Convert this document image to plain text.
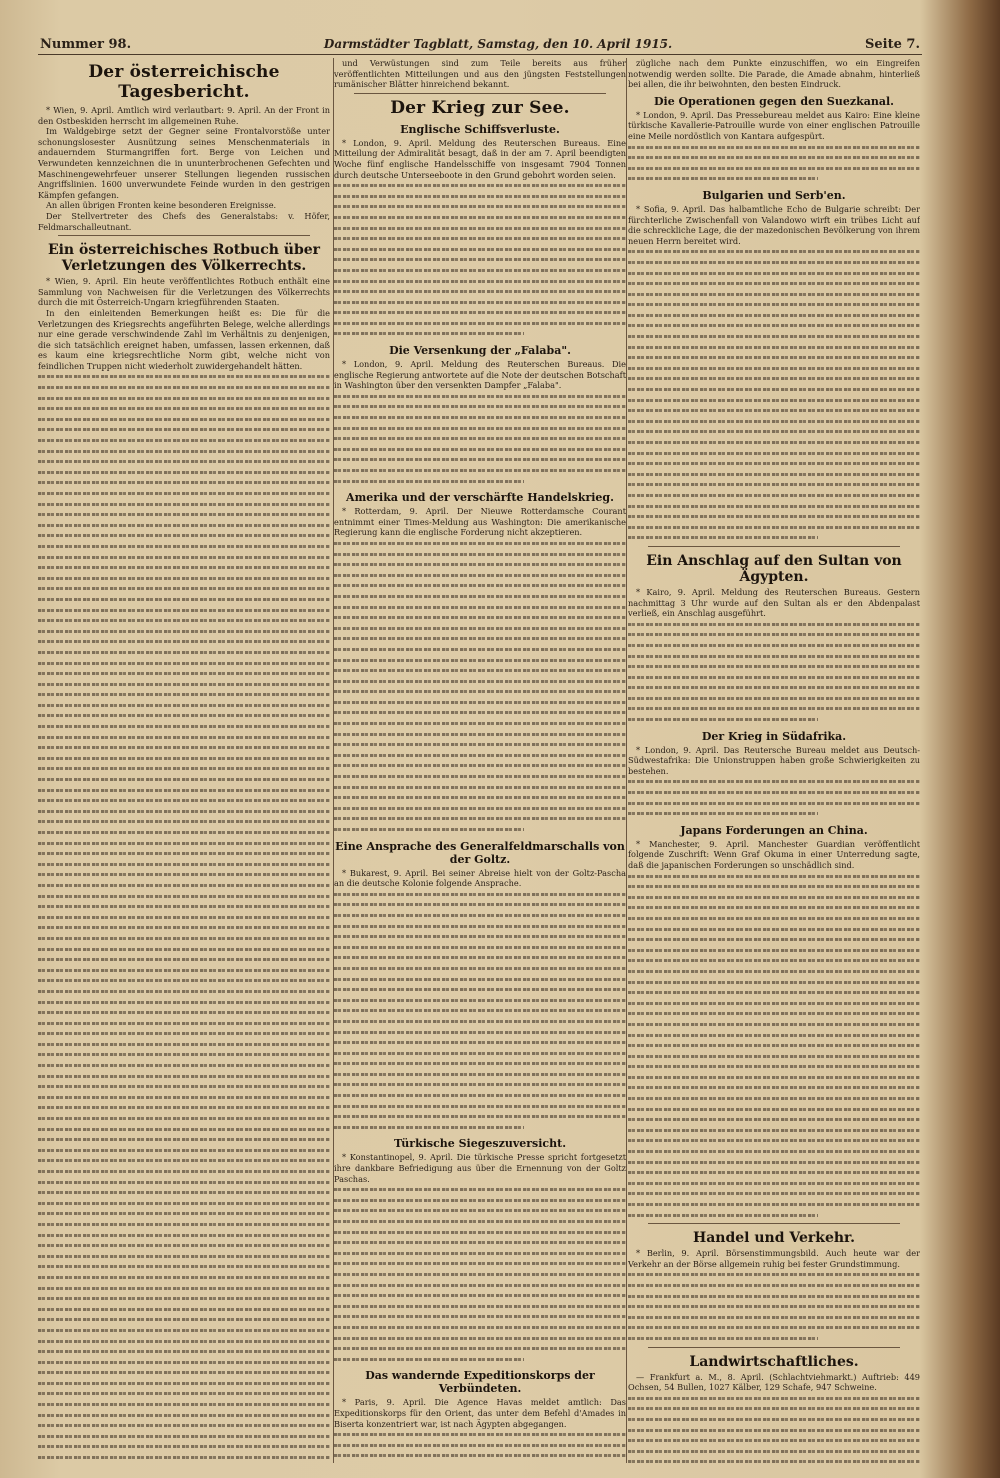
Nummer 98.	Darmstädter Tagblatt, Samstag, den 10. April 1915.	Seite 7.
Der österreichische Tagesbericht.

* Wien, 9. April. Amtlich wird verlautbart: 9. April. An der Front in den Ostbeskiden herrscht im allgemeinen Ruhe.

Im Waldgebirge setzt der Gegner seine Frontalvorstöße unter schonungslosester Ausnützung seines Menschenmaterials in andauerndem Sturmangriffen fort. Berge von Leichen und Verwundeten kennzeichnen die in ununterbrochenen Gefechten und Maschinengewehrfeuer unserer Stellungen liegenden russischen Angriffslinien. 1600 unverwundete Feinde wurden in den gestrigen Kämpfen gefangen.

An allen übrigen Fronten keine besonderen Ereignisse.

Der Stellvertreter des Chefs des Generalstabs: v. Höfer, Feldmarschalleutnant.

Ein österreichisches Rotbuch über Verletzungen des Völkerrechts.

* Wien, 9. April. Ein heute veröffentlichtes Rotbuch enthält eine Sammlung von Nachweisen für die Verletzungen des Völkerrechts durch die mit Österreich-Ungarn kriegführenden Staaten.

In den einleitenden Bemerkungen heißt es: Die für die Verletzungen des Kriegsrechts angeführten Belege, welche allerdings nur eine gerade verschwindende Zahl im Verhältnis zu denjenigen, die sich tatsächlich ereignet haben, umfassen, lassen erkennen, daß es kaum eine kriegsrechtliche Norm gibt, welche nicht von feindlichen Truppen nicht wiederholt zuwidergehandelt hätten.

und Verwüstungen sind zum Teile bereits aus früher veröffentlichten Mitteilungen und aus den jüngsten Feststellungen rumänischer Blätter hinreichend bekannt.

Der Krieg zur See.
Englische Schiffsverluste.

* London, 9. April. Meldung des Reuterschen Bureaus. Eine Mitteilung der Admiralität besagt, daß in der am 7. April beendigten Woche fünf englische Handelsschiffe von insgesamt 7904 Tonnen durch deutsche Unterseeboote in den Grund gebohrt worden seien.

Die Versenkung der „Falaba".

* London, 9. April. Meldung des Reuterschen Bureaus. Die englische Regierung antwortete auf die Note der deutschen Botschaft in Washington über den versenkten Dampfer „Falaba".

Amerika und der verschärfte Handelskrieg.

* Rotterdam, 9. April. Der Nieuwe Rotterdamsche Courant entnimmt einer Times-Meldung aus Washington: Die amerikanische Regierung kann die englische Forderung nicht akzeptieren.

Eine Ansprache des Generalfeldmarschalls von der Goltz.

* Bukarest, 9. April. Bei seiner Abreise hielt von der Goltz-Pascha an die deutsche Kolonie folgende Ansprache.

Türkische Siegeszuversicht.

* Konstantinopel, 9. April. Die türkische Presse spricht fortgesetzt ihre dankbare Befriedigung aus über die Ernennung von der Goltz Paschas.

Das wandernde Expeditionskorps der Verbündeten.

* Paris, 9. April. Die Agence Havas meldet amtlich: Das Expeditionskorps für den Orient, das unter dem Befehl d'Amades in Biserta konzentriert war, ist nach Ägypten abgegangen.

zügliche nach dem Punkte einzuschiffen, wo ein Eingreifen notwendig werden sollte. Die Parade, die Amade abnahm, hinterließ bei allen, die ihr beiwohnten, den besten Eindruck.

Die Operationen gegen den Suezkanal.

* London, 9. April. Das Pressebureau meldet aus Kairo: Eine kleine türkische Kavallerie-Patrouille wurde von einer englischen Patrouille eine Meile nordöstlich von Kantara aufgespürt.

Bulgarien und Serb'en.

* Sofia, 9. April. Das halbamtliche Echo de Bulgarie schreibt: Der fürchterliche Zwischenfall von Valandowo wirft ein trübes Licht auf die schreckliche Lage, die der mazedonischen Bevölkerung von ihrem neuen Herrn bereitet wird.

Ein Anschlag auf den Sultan von Ägypten.

* Kairo, 9. April. Meldung des Reuterschen Bureaus. Gestern nachmittag 3 Uhr wurde auf den Sultan als er den Abdenpalast verließ, ein Anschlag ausgeführt.

Der Krieg in Südafrika.

* London, 9. April. Das Reutersche Bureau meldet aus Deutsch-Südwestafrika: Die Unionstruppen haben große Schwierigkeiten zu bestehen.

Japans Forderungen an China.

* Manchester, 9. April. Manchester Guardian veröffentlicht folgende Zuschrift: Wenn Graf Okuma in einer Unterredung sagte, daß die japanischen Forderungen so unschädlich sind.

Handel und Verkehr.

* Berlin, 9. April. Börsenstimmungsbild. Auch heute war der Verkehr an der Börse allgemein ruhig bei fester Grundstimmung.

Landwirtschaftliches.

— Frankfurt a. M., 8. April. (Schlachtviehmarkt.) Auftrieb: 449 Ochsen, 54 Bullen, 1027 Kälber, 129 Schafe, 947 Schweine.
